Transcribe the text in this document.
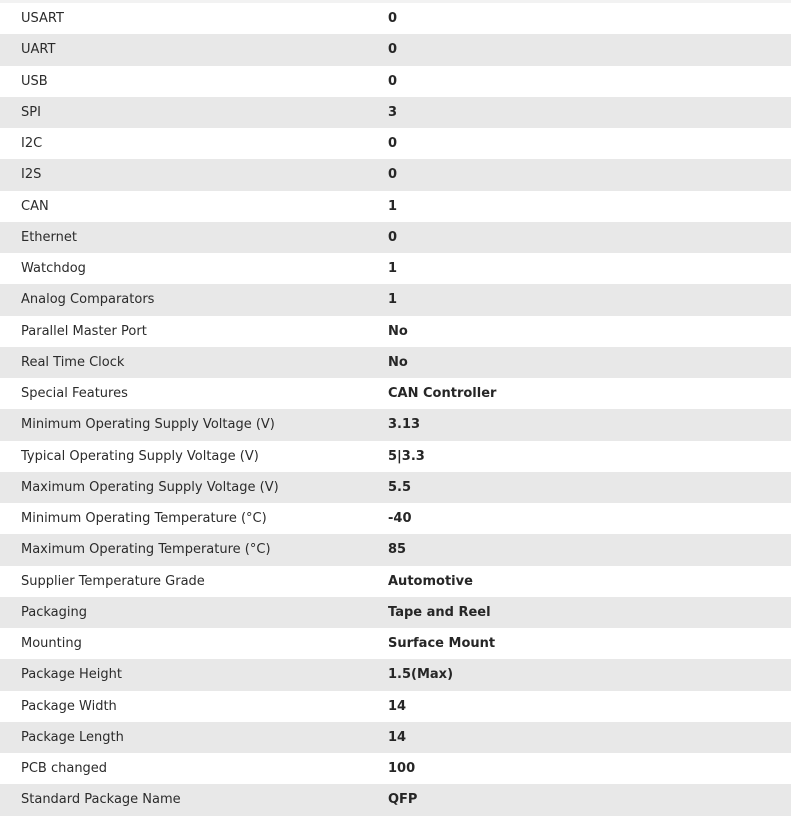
USART	0
UART	0
USB	0
SPI	3
I2C	0
I2S	0
CAN	1
Ethernet	0
Watchdog	1
Analog Comparators	1
Parallel Master Port	No
Real Time Clock	No
Special Features	CAN Controller
Minimum Operating Supply Voltage (V)	3.13
Typical Operating Supply Voltage (V)	5|3.3
Maximum Operating Supply Voltage (V)	5.5
Minimum Operating Temperature (°C)	-40
Maximum Operating Temperature (°C)	85
Supplier Temperature Grade	Automotive
Packaging	Tape and Reel
Mounting	Surface Mount
Package Height	1.5(Max)
Package Width	14
Package Length	14
PCB changed	100
Standard Package Name	QFP
